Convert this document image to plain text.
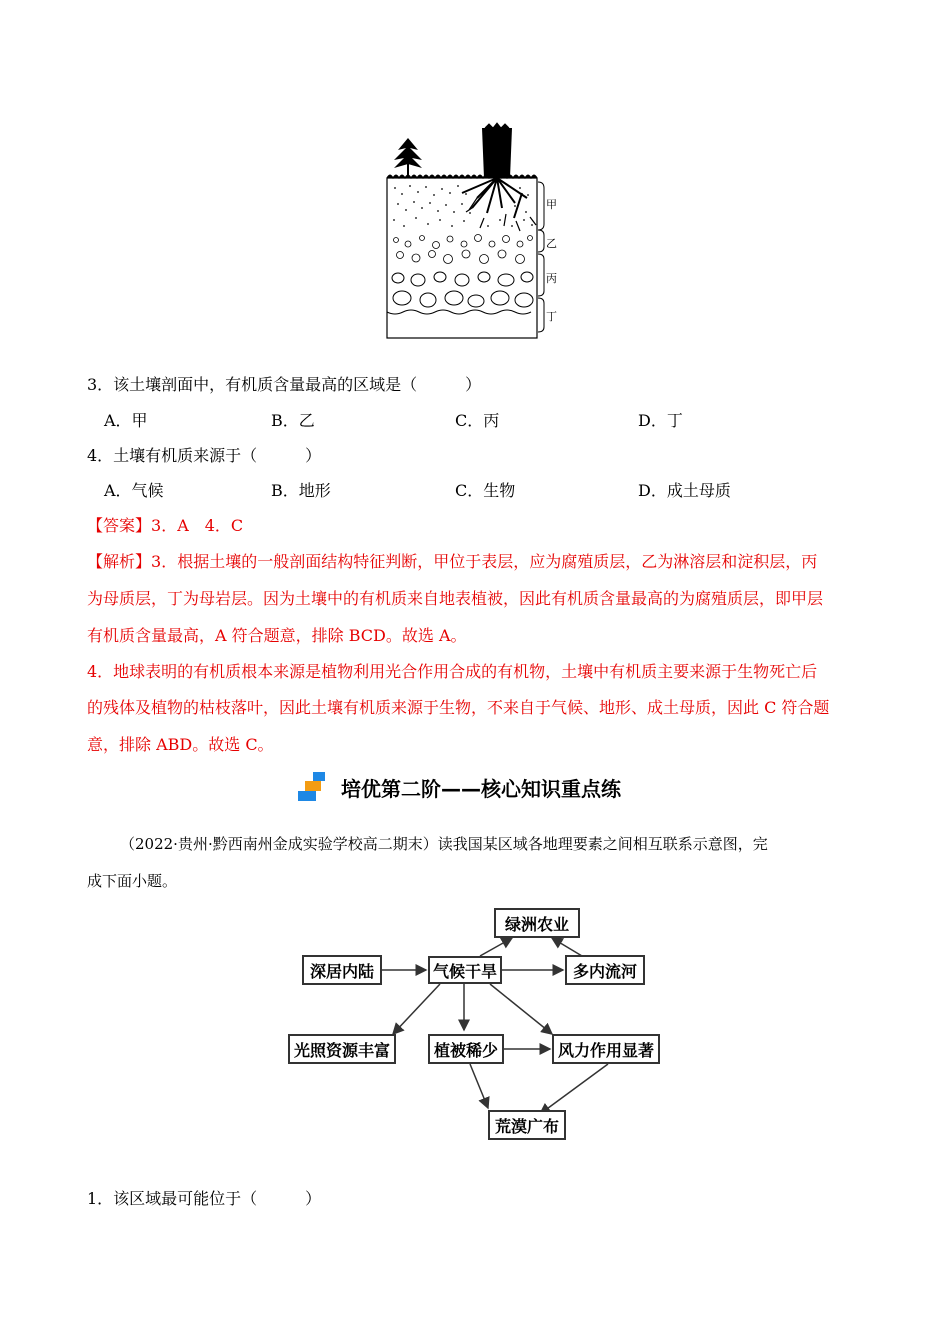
甲
乙
丙
丁
3．该土壤剖面中，有机质含量最高的区域是（　　　）
A．甲	B．乙	C．丙	D．丁
4．土壤有机质来源于（　　　）
A．气候	B．地形	C．生物	D．成土母质
【答案】3．A　4．C
【解析】3．根据土壤的一般剖面结构特征判断，甲位于表层，应为腐殖质层，乙为淋溶层和淀积层，丙
为母质层，丁为母岩层。因为土壤中的有机质来自地表植被，因此有机质含量最高的为腐殖质层，即甲层
有机质含量最高，A 符合题意，排除 BCD。故选 A。
4．地球表明的有机质根本来源是植物利用光合作用合成的有机物，土壤中有机质主要来源于生物死亡后
的残体及植物的枯枝落叶，因此土壤有机质来源于生物，不来自于气候、地形、成土母质，因此 C 符合题
意，排除 ABD。故选 C。
培优第二阶——核心知识重点练
（2022·贵州·黔西南州金成实验学校高二期末）读我国某区域各地理要素之间相互联系示意图，完
成下面小题。
绿洲农业
深居内陆	气候干旱	多内流河
光照资源丰富	植被稀少	风力作用显著
荒漠广布
1．该区域最可能位于（　　　）
